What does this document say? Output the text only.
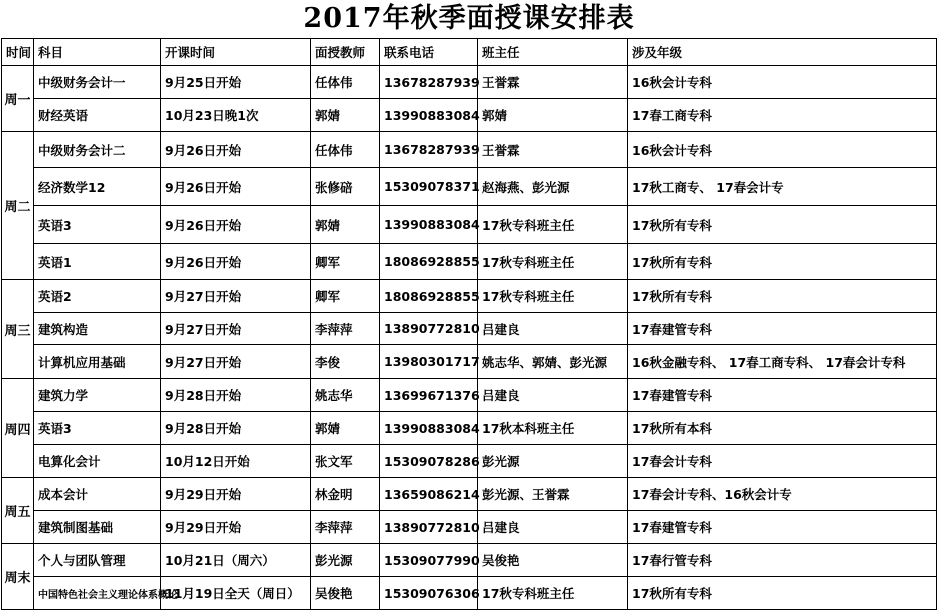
2017年秋季面授课安排表
时间	科目	开课时间	面授教师	联系电话	班主任	涉及年级
周一	中级财务会计一	9月25日开始	任体伟	13678287939	王誉霖	16秋会计专科
	财经英语	10月23日晚1次	郭婧	13990883084	郭婧	17春工商专科
周二	中级财务会计二	9月26日开始	任体伟	13678287939	王誉霖	16秋会计专科
	经济数学12	9月26日开始	张修碚	15309078371	赵海燕、彭光源	17秋工商专、 17春会计专
	英语3	9月26日开始	郭婧	13990883084	17秋专科班主任	17秋所有专科
	英语1	9月26日开始	卿军	18086928855	17秋专科班主任	17秋所有专科
周三	英语2	9月27日开始	卿军	18086928855	17秋专科班主任	17秋所有专科
	建筑构造	9月27日开始	李萍萍	13890772810	吕建良	17春建管专科
	计算机应用基础	9月27日开始	李俊	13980301717	姚志华、郭婧、彭光源	16秋金融专科、 17春工商专科、 17春会计专科
周四	建筑力学	9月28日开始	姚志华	13699671376	吕建良	17春建管专科
	英语3	9月28日开始	郭婧	13990883084	17秋本科班主任	17秋所有本科
	电算化会计	10月12日开始	张文军	15309078286	彭光源	17春会计专科
周五	成本会计	9月29日开始	林金明	13659086214	彭光源、王誉霖	17春会计专科、16秋会计专
	建筑制图基础	9月29日开始	李萍萍	13890772810	吕建良	17春建管专科
周末	个人与团队管理	10月21日（周六）	彭光源	15309077990	吴俊艳	17春行管专科
	中国特色社会主义理论体系概论	11月19日全天（周日）	吴俊艳	15309076306	17秋专科班主任	17秋所有专科
